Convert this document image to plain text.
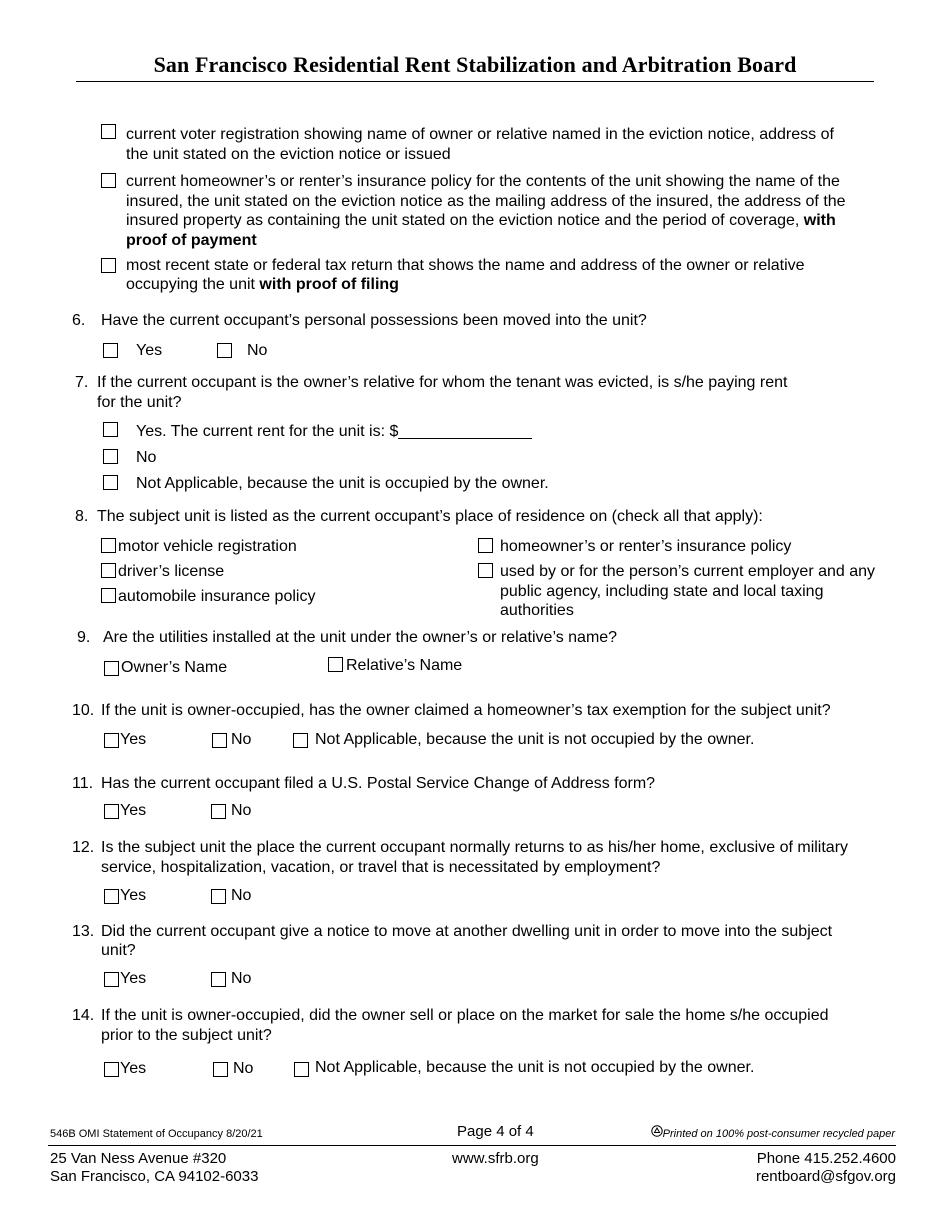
San Francisco Residential Rent Stabilization and Arbitration Board
current voter registration showing name of owner or relative named in the eviction notice, address of
the unit stated on the eviction notice or issued
current homeowner’s or renter’s insurance policy for the contents of the unit showing the name of the
insured, the unit stated on the eviction notice as the mailing address of the insured, the address of the
insured property as containing the unit stated on the eviction notice and the period of coverage, with
proof of payment
most recent state or federal tax return that shows the name and address of the owner or relative
occupying the unit with proof of filing
6. Have the current occupant’s personal possessions been moved into the unit?
Yes	No
7. If the current occupant is the owner’s relative for whom the tenant was evicted, is s/he paying rent
for the unit?
Yes. The current rent for the unit is: $_______________
No
Not Applicable, because the unit is occupied by the owner.
8. The subject unit is listed as the current occupant’s place of residence on (check all that apply):
motor vehicle registration
driver’s license
automobile insurance policy
homeowner’s or renter’s insurance policy
used by or for the person’s current employer and any
public agency, including state and local taxing
authorities
9. Are the utilities installed at the unit under the owner’s or relative’s name?
Owner’s Name	Relative’s Name
10. If the unit is owner-occupied, has the owner claimed a homeowner’s tax exemption for the subject unit?
Yes	No	Not Applicable, because the unit is not occupied by the owner.
11. Has the current occupant filed a U.S. Postal Service Change of Address form?
Yes	No
12. Is the subject unit the place the current occupant normally returns to as his/her home, exclusive of military
service, hospitalization, vacation, or travel that is necessitated by employment?
Yes	No
13. Did the current occupant give a notice to move at another dwelling unit in order to move into the subject
unit?
Yes	No
14. If the unit is owner-occupied, did the owner sell or place on the market for sale the home s/he occupied
prior to the subject unit?
Yes	No	Not Applicable, because the unit is not occupied by the owner.
546B OMI Statement of Occupancy 8/20/21	Page 4 of 4	Printed on 100% post-consumer recycled paper
25 Van Ness Avenue #320
San Francisco, CA 94102-6033
www.sfrb.org	Phone 415.252.4600
rentboard@sfgov.org
